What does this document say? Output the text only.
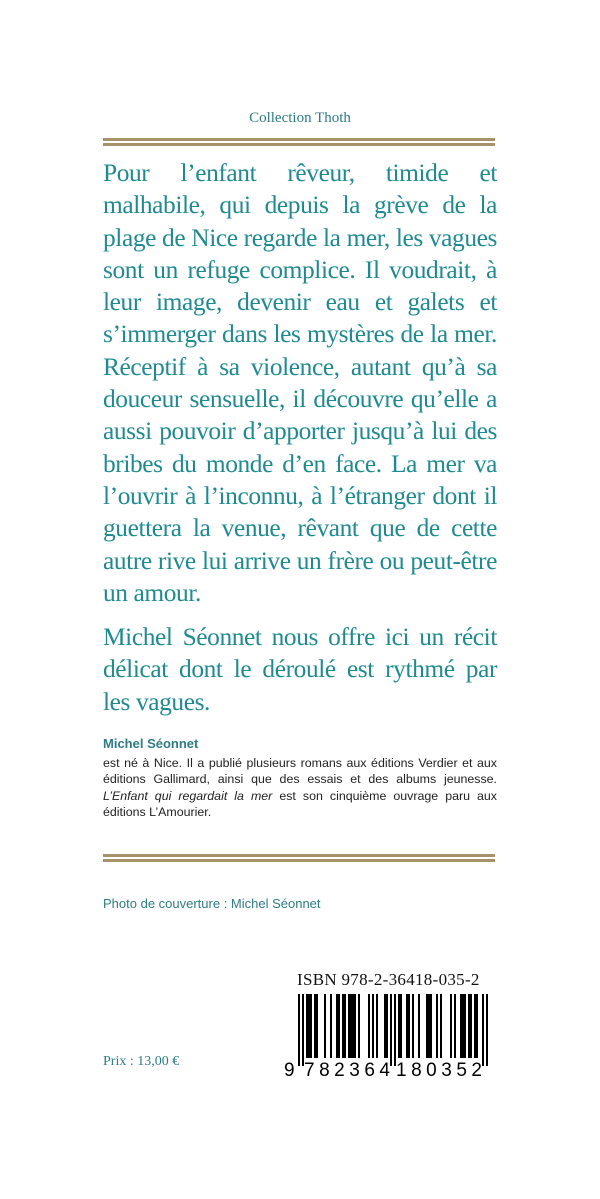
Collection Thoth

Pour l’enfant rêveur, timide et malhabile, qui depuis la grève de la plage de Nice regarde la mer, les vagues sont un refuge complice. Il voudrait, à leur image, devenir eau et galets et s’immerger dans les mystères de la mer. Réceptif à sa violence, autant qu’à sa douceur sensuelle, il découvre qu’elle a aussi pouvoir d’apporter jusqu’à lui des bribes du monde d’en face. La mer va l’ouvrir à l’inconnu, à l’étranger dont il guettera la venue, rêvant que de cette autre rive lui arrive un frère ou peut-être un amour.

Michel Séonnet nous offre ici un récit délicat dont le déroulé est rythmé par les vagues.

Michel Séonnet
est né à Nice. Il a publié plusieurs romans aux éditions Verdier et aux éditions Gallimard, ainsi que des essais et des albums jeunesse. L’Enfant qui regardait la mer est son cinquième ouvrage paru aux éditions L’Amourier.
Photo de couverture : Michel Séonnet
ISBN 978-2-36418-035-2
9 782364 180352
Prix : 13,00 €
